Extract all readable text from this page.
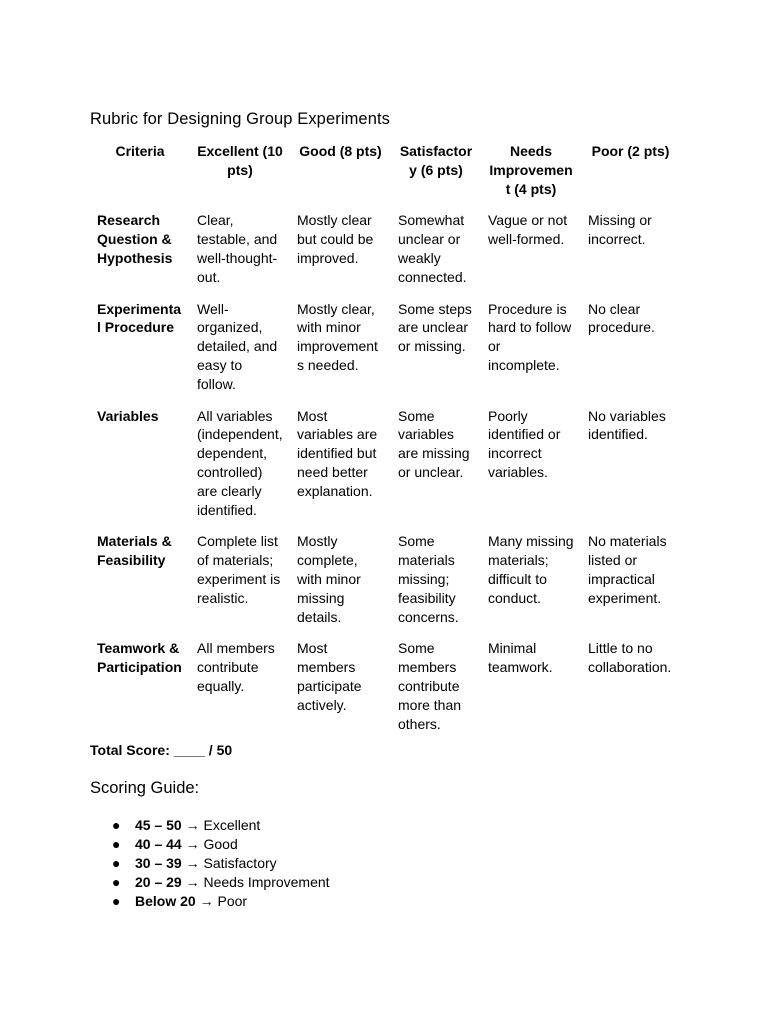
Rubric for Designing Group Experiments
Criteria	Excellent (10 pts)	Good (8 pts)	Satisfactory (6 pts)	Needs Improvement (4 pts)	Poor (2 pts)
Research Question & Hypothesis	Clear, testable, and well-thought-out.	Mostly clear but could be improved.	Somewhat unclear or weakly connected.	Vague or not well-formed.	Missing or incorrect.
Experimental Procedure	Well-organized, detailed, and easy to follow.	Mostly clear, with minor improvements needed.	Some steps are unclear or missing.	Procedure is hard to follow or incomplete.	No clear procedure.
Variables	All variables (independent, dependent, controlled) are clearly identified.	Most variables are identified but need better explanation.	Some variables are missing or unclear.	Poorly identified or incorrect variables.	No variables identified.
Materials & Feasibility	Complete list of materials; experiment is realistic.	Mostly complete, with minor missing details.	Some materials missing; feasibility concerns.	Many missing materials; difficult to conduct.	No materials listed or impractical experiment.
Teamwork & Participation	All members contribute equally.	Most members participate actively.	Some members contribute more than others.	Minimal teamwork.	Little to no collaboration.
Total Score: ____ / 50
Scoring Guide:
● 45 – 50 → Excellent
● 40 – 44 → Good
● 30 – 39 → Satisfactory
● 20 – 29 → Needs Improvement
● Below 20 → Poor
